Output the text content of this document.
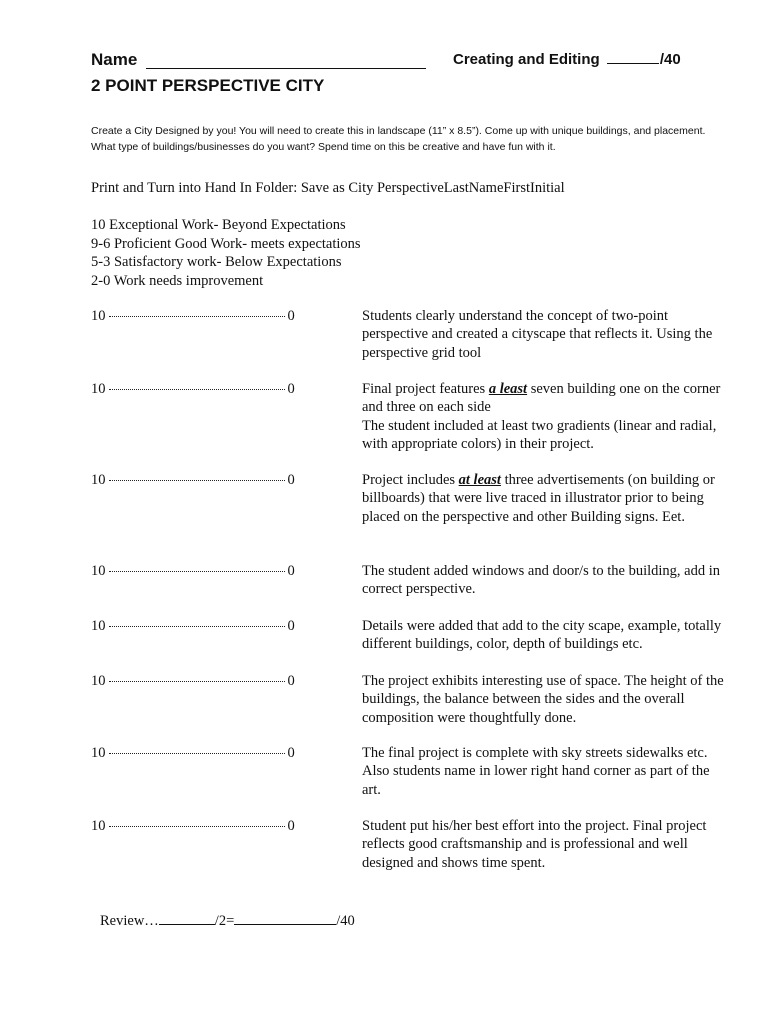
Name	Creating and Editing	/40
2 POINT PERSPECTIVE CITY

Create a City Designed by you! You will need to create this in landscape (11” x 8.5”). Come up with unique buildings, and placement. What type of buildings/businesses do you want? Spend time on this be creative and have fun with it.

Print and Turn into Hand In Folder: Save as City PerspectiveLastNameFirstInitial

10 Exceptional Work- Beyond Expectations
9-6 Proficient Good Work- meets expectations
5-3 Satisfactory work- Below Expectations
2-0 Work needs improvement
10	0	Students clearly understand the concept of two-point perspective and created a cityscape that reflects it. Using the perspective grid tool

10	0	Final project features a least seven building one on the corner and three on each side
The student included at least two gradients (linear and radial, with appropriate colors) in their project.
10	0	Project includes at least three advertisements (on building or billboards) that were live traced in illustrator prior to being placed on the perspective and other Building signs. Eet.
10	0	The student added windows and door/s to the building, add in correct perspective.

10	0	Details were added that add to the city scape, example, totally different buildings, color, depth of buildings etc.

10	0	The project exhibits interesting use of space. The height of the buildings, the balance between the sides and the overall composition were thoughtfully done.

10	0	The final project is complete with sky streets sidewalks etc. Also students name in lower right hand corner as part of the art.

10	0	Student put his/her best effort into the project. Final project reflects good craftsmanship and is professional and well designed and shows time spent.

Review…	/2=	/40
